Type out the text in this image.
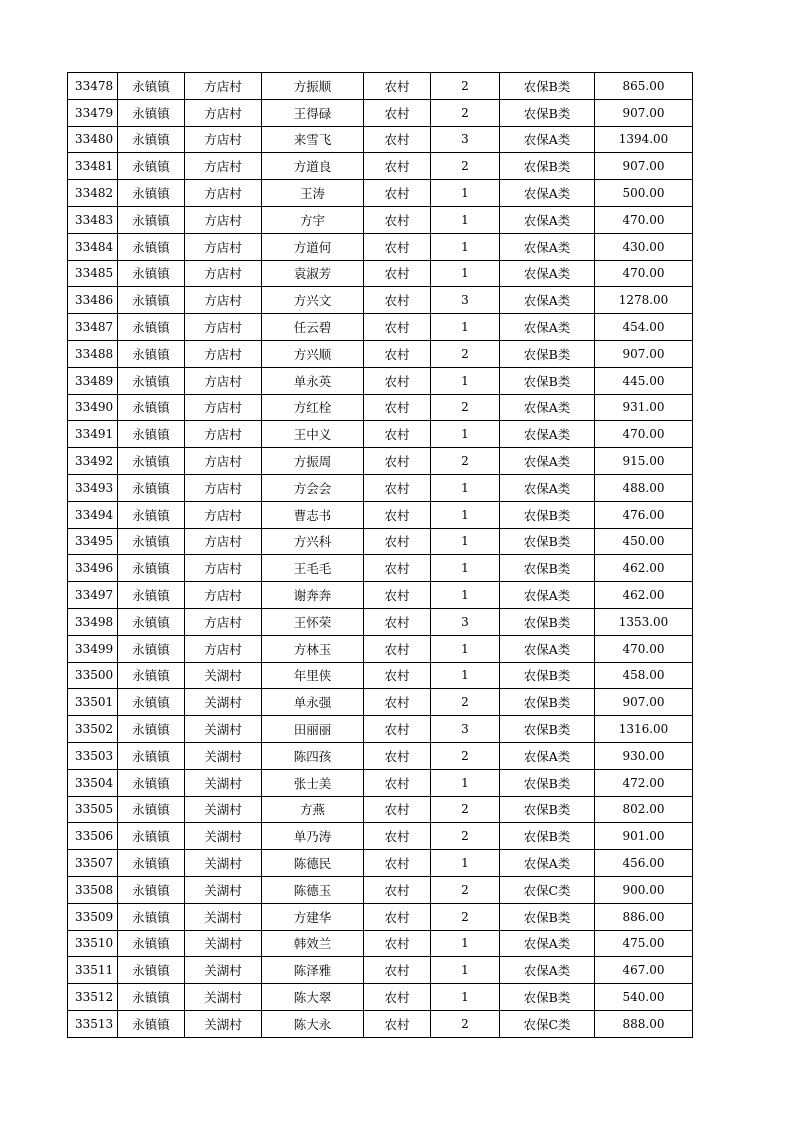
33478	永镇镇	方店村	方振顺	农村	2	农保B类	865.00
33479	永镇镇	方店村	王得碌	农村	2	农保B类	907.00
33480	永镇镇	方店村	来雪飞	农村	3	农保A类	1394.00
33481	永镇镇	方店村	方道良	农村	2	农保B类	907.00
33482	永镇镇	方店村	王涛	农村	1	农保A类	500.00
33483	永镇镇	方店村	方宇	农村	1	农保A类	470.00
33484	永镇镇	方店村	方道何	农村	1	农保A类	430.00
33485	永镇镇	方店村	袁淑芳	农村	1	农保A类	470.00
33486	永镇镇	方店村	方兴文	农村	3	农保A类	1278.00
33487	永镇镇	方店村	任云碧	农村	1	农保A类	454.00
33488	永镇镇	方店村	方兴顺	农村	2	农保B类	907.00
33489	永镇镇	方店村	单永英	农村	1	农保B类	445.00
33490	永镇镇	方店村	方红栓	农村	2	农保A类	931.00
33491	永镇镇	方店村	王中义	农村	1	农保A类	470.00
33492	永镇镇	方店村	方振周	农村	2	农保A类	915.00
33493	永镇镇	方店村	方会会	农村	1	农保A类	488.00
33494	永镇镇	方店村	曹志书	农村	1	农保B类	476.00
33495	永镇镇	方店村	方兴科	农村	1	农保B类	450.00
33496	永镇镇	方店村	王毛毛	农村	1	农保B类	462.00
33497	永镇镇	方店村	谢奔奔	农村	1	农保A类	462.00
33498	永镇镇	方店村	王怀荣	农村	3	农保B类	1353.00
33499	永镇镇	方店村	方林玉	农村	1	农保A类	470.00
33500	永镇镇	关湖村	年里侠	农村	1	农保B类	458.00
33501	永镇镇	关湖村	单永强	农村	2	农保B类	907.00
33502	永镇镇	关湖村	田丽丽	农村	3	农保B类	1316.00
33503	永镇镇	关湖村	陈四孩	农村	2	农保A类	930.00
33504	永镇镇	关湖村	张士美	农村	1	农保B类	472.00
33505	永镇镇	关湖村	方燕	农村	2	农保B类	802.00
33506	永镇镇	关湖村	单乃涛	农村	2	农保B类	901.00
33507	永镇镇	关湖村	陈德民	农村	1	农保A类	456.00
33508	永镇镇	关湖村	陈德玉	农村	2	农保C类	900.00
33509	永镇镇	关湖村	方建华	农村	2	农保B类	886.00
33510	永镇镇	关湖村	韩效兰	农村	1	农保A类	475.00
33511	永镇镇	关湖村	陈泽雅	农村	1	农保A类	467.00
33512	永镇镇	关湖村	陈大翠	农村	1	农保B类	540.00
33513	永镇镇	关湖村	陈大永	农村	2	农保C类	888.00
